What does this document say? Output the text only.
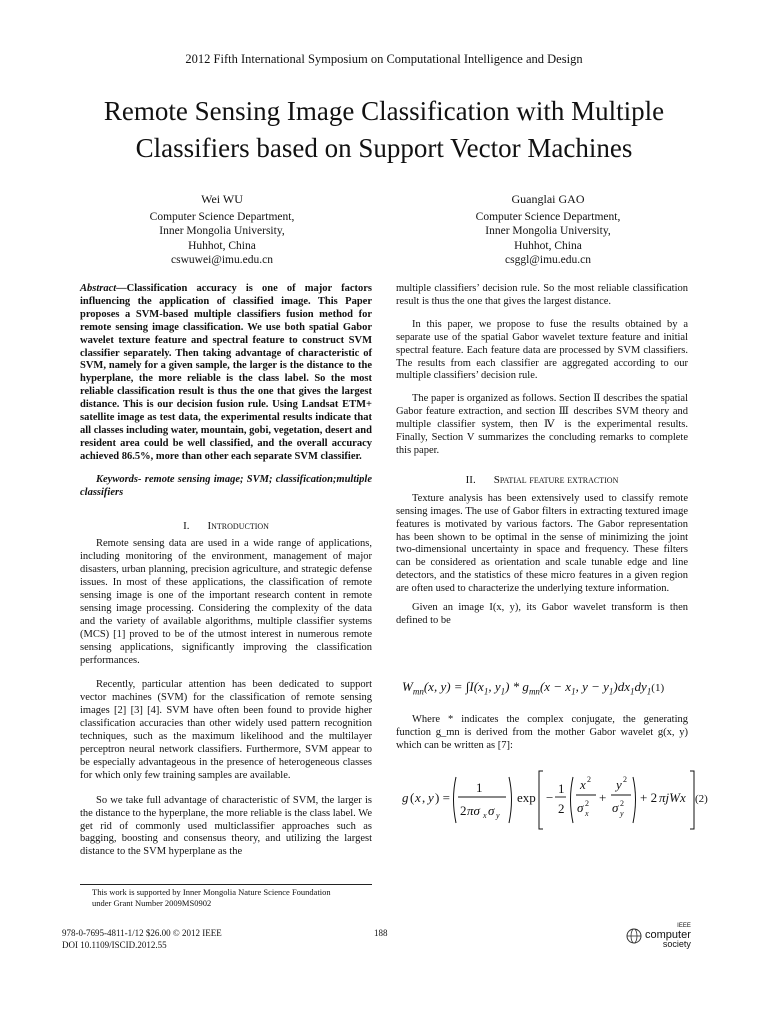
2012 Fifth International Symposium on Computational Intelligence and Design
Remote Sensing Image Classification with Multiple
Classifiers based on Support Vector Machines
Wei WU
Computer Science Department,
Inner Mongolia University,
Huhhot, China
cswuwei@imu.edu.cn
Guanglai GAO
Computer Science Department,
Inner Mongolia University,
Huhhot, China
csggl@imu.edu.cn

Abstract—Classification accuracy is one of major factors influencing the application of classified image. This Paper proposes a SVM-based multiple classifiers fusion method for remote sensing image classification. We use both spatial Gabor wavelet texture feature and spectral feature to construct SVM classifier separately. Then taking advantage of characteristic of SVM, namely for a given sample, the larger is the distance to the hyperplane, the more reliable is the class label. So the most reliable classification result is thus the one that gives the largest distance. This is our decision fusion rule. Using Landsat ETM+ satellite image as test data, the experimental results indicate that all classes including water, mountain, gobi, vegetation, desert and resident area could be well classified, and the overall accuracy achieved 86.5%, more than other each separate SVM classifier.

Keywords- remote sensing image; SVM; classification;multiple classifiers

I. Introduction

Remote sensing data are used in a wide range of applications, including monitoring of the environment, management of major disasters, urban planning, precision agriculture, and strategic defense issues. In most of these applications, the classification of remote sensing image is one of the important research content in remote sensing image processing. Considering the complexity of the data and the variety of available algorithms, multiple classifier systems (MCS) [1] proved to be of the utmost interest in numerous remote sensing applications, significantly improving the classification performances.

Recently, particular attention has been dedicated to support vector machines (SVM) for the classification of remote sensing images [2] [3] [4]. SVM have often been found to provide higher classification accuracies than other widely used pattern recognition techniques, such as the maximum likelihood and the multilayer perceptron neural network classifiers. Furthermore, SVM appear to be especially advantageous in the presence of heterogeneous classes for which only few training samples are available.

So we take full advantage of characteristic of SVM, the larger is the distance to the hyperplane, the more reliable is the class label. We get rid of commonly used multiclassifier approaches such as bagging, boosting and consensus theory, and utilizing the largest distance to the SVM hyperplane as the

multiple classifiers’ decision rule. So the most reliable classification result is thus the one that gives the largest distance.

In this paper, we propose to fuse the results obtained by a separate use of the spatial Gabor wavelet texture feature and initial spectral feature. Each feature data are processed by SVM classifiers. The results from each classifier are aggregated according to our multiple classifiers’ decision rule.

The paper is organized as follows. Section Ⅱ describes the spatial Gabor feature extraction, and section Ⅲ describes SVM theory and multiple classifier system, then Ⅳ is the experimental results. Finally, Section V summarizes the concluding remarks to complete this paper.

II. Spatial feature extraction

Texture analysis has been extensively used to classify remote sensing images. The use of Gabor filters in extracting textured image features is motivated by various factors. The Gabor representation has been shown to be optimal in the sense of minimizing the joint two-dimensional uncertainty in space and frequency. These filters can be considered as orientation and scale tunable edge and line detectors, and the statistics of these micro features in a given region are often used to characterize the underlying texture information.

Given an image I(x, y), its Gabor wavelet transform is then defined to be

$W_{mn}(x$, $y) = \int I(x_1$, $y_1) * g_{mn}(x - x_1$, $y - y_1)dx_1dy_1(1)$

Where * indicates the complex conjugate, the generating function g_mn is derived from the mother Gabor wavelet g(x, y) which can be written as [7]:

g ( x , y ) =
1
2 πσ x σ y
exp −
1
2
x 2
σ 2
x
+
y 2
σ 2
y
+ 2 πjWx (2)
This work is supported by Inner Mongolia Nature Science Foundation
under Grant Number 2009MS0902
978-0-7695-4811-1/12 $26.00 © 2012 IEEE
DOI 10.1109/ISCID.2012.55
188
IEEE
computer
society
